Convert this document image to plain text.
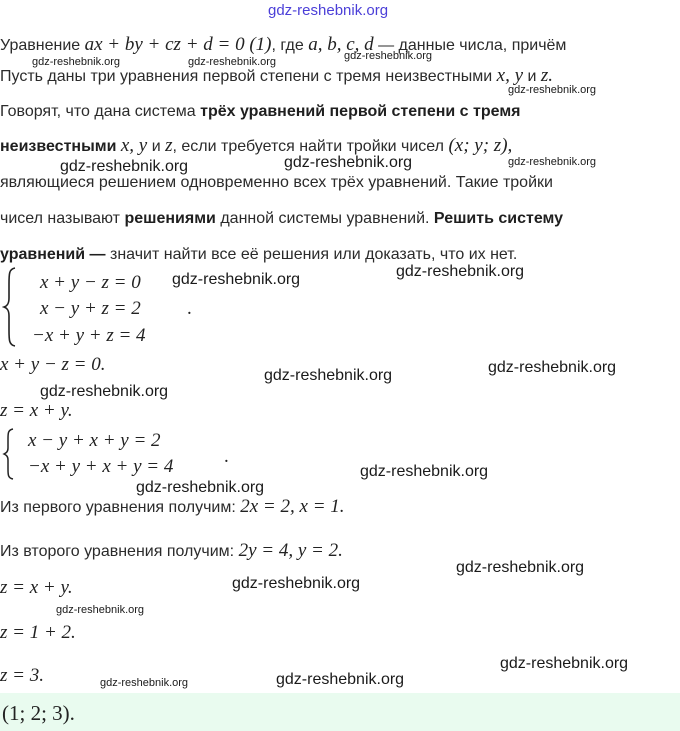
gdz-reshebnik.org
Уравнение ax + by + cz + d = 0 (1), где a, b, c, d — данные числа, причём
gdz-reshebnik.org	gdz-reshebnik.org	gdz-reshebnik.org
Пусть даны три уравнения первой степени с тремя неизвестными x, y и z.
gdz-reshebnik.org
Говорят, что дана система трёх уравнений первой степени с тремя
неизвестными x, y и z, если требуется найти тройки чисел (x; y; z),
gdz-reshebnik.org	gdz-reshebnik.org	gdz-reshebnik.org
являющиеся решением одновременно всех трёх уравнений. Такие тройки
чисел называют решениями данной системы уравнений. Решить систему
уравнений — значит найти все её решения или доказать, что их нет.
x + y − z = 0
x − y + z = 2
−x + y + z = 4
.
gdz-reshebnik.org	gdz-reshebnik.org
x + y − z = 0.
gdz-reshebnik.org	gdz-reshebnik.org
gdz-reshebnik.org
z = x + y.
x − y + x + y = 2
−x + y + x + y = 4	.
gdz-reshebnik.org
gdz-reshebnik.org
Из первого уравнения получим: 2x = 2, x = 1.
Из второго уравнения получим: 2y = 4, y = 2.
gdz-reshebnik.org
z = x + y.	gdz-reshebnik.org
gdz-reshebnik.org
z = 1 + 2.
z = 3.
gdz-reshebnik.org
gdz-reshebnik.org	gdz-reshebnik.org
(1; 2; 3).
